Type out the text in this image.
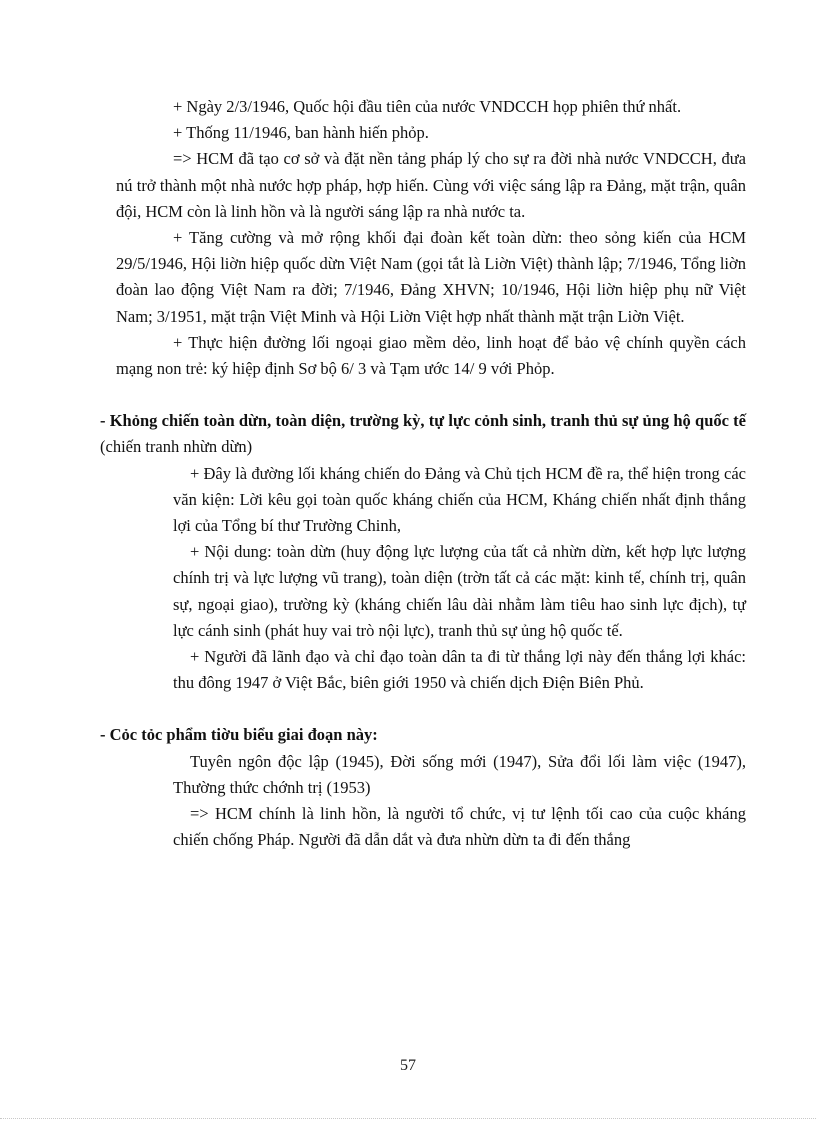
+ Ngày 2/3/1946, Quốc hội đầu tiên của nước VNDCCH họp phiên thứ nhất.

+ Thống 11/1946, ban hành hiến phỏp.

=> HCM đã tạo cơ sở và đặt nền tảng pháp lý cho sự ra đời nhà nước VNDCCH, đưa nú trở thành một nhà nước hợp pháp, hợp hiến. Cùng với việc sáng lập ra Đảng, mặt trận, quân đội, HCM còn là linh hồn và là người sáng lập ra nhà nước ta.

+ Tăng cường và mở rộng khối đại đoàn kết toàn dừn: theo sỏng kiến của HCM 29/5/1946, Hội liờn hiệp quốc dừn Việt Nam (gọi tắt là Liờn Việt) thành lập; 7/1946, Tổng liờn đoàn lao động Việt Nam ra đời; 7/1946, Đảng XHVN; 10/1946, Hội liờn hiệp phụ nữ Việt Nam; 3/1951, mặt trận Việt Minh và Hội Liờn Việt hợp nhất thành mặt trận Liờn Việt.

+ Thực hiện đường lối ngoại giao mềm dẻo, linh hoạt để bảo vệ chính quyền cách mạng non trẻ: ký hiệp định Sơ bộ 6/ 3 và Tạm ước 14/ 9 với Phỏp.

- Khỏng chiến toàn dừn, toàn diện, trường kỳ, tự lực cỏnh sinh, tranh thủ sự ủng hộ quốc tế (chiến tranh nhừn dừn)

+ Đây là đường lối kháng chiến do Đảng và Chủ tịch HCM đề ra, thể hiện trong các văn kiện: Lời kêu gọi toàn quốc kháng chiến của HCM, Kháng chiến nhất định thắng lợi của Tổng bí thư Trường Chinh,

+ Nội dung: toàn dừn (huy động lực lượng của tất cả nhừn dừn, kết hợp lực lượng chính trị và lực lượng vũ trang), toàn diện (trờn tất cả các mặt: kinh tế, chính trị, quân sự, ngoại giao), trường kỳ (kháng chiến lâu dài nhằm làm tiêu hao sinh lực địch), tự lực cánh sinh (phát huy vai trò nội lực), tranh thủ sự ủng hộ quốc tế.

+ Người đã lãnh đạo và chỉ đạo toàn dân ta đi từ thắng lợi này đến thắng lợi khác: thu đông 1947 ở Việt Bắc, biên giới 1950 và chiến dịch Điện Biên Phủ.

- Cỏc tỏc phẩm tiờu biểu giai đoạn này:

Tuyên ngôn độc lập (1945), Đời sống mới (1947), Sửa đổi lối làm việc (1947), Thường thức chớnh trị (1953)

=> HCM chính là linh hồn, là người tổ chức, vị tư lệnh tối cao của cuộc kháng chiến chống Pháp. Người đã dẫn dắt và đưa nhừn dừn ta đi đến thắng

57
